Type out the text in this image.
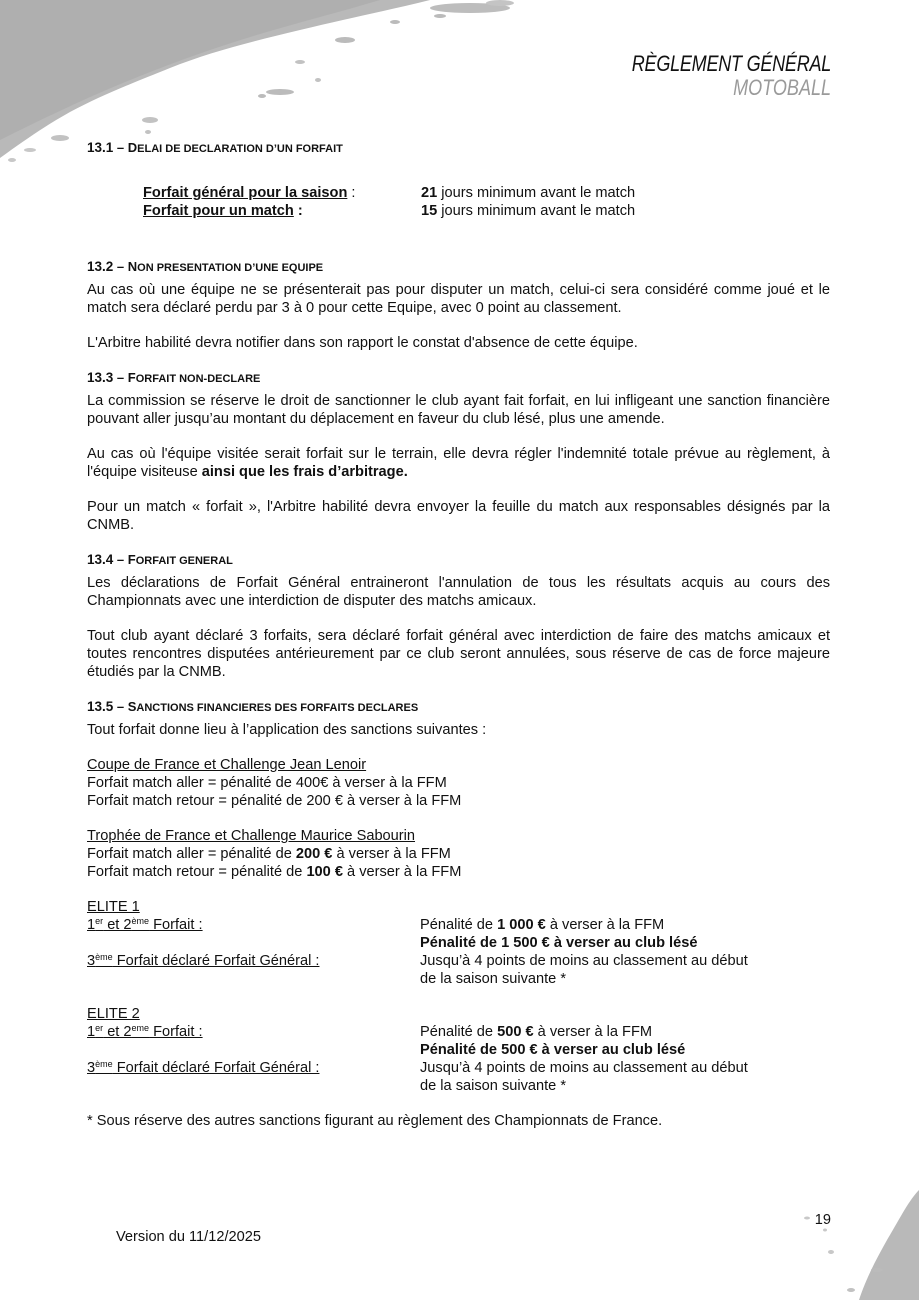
RÈGLEMENT GÉNÉRAL
MOTOBALL
13.1 – DELAI DE DECLARATION D’UN FORFAIT
Forfait général pour la saison :	21 jours minimum avant le match
Forfait pour un match :	15 jours minimum avant le match
13.2 – NON PRESENTATION D’UNE EQUIPE

Au cas où une équipe ne se présenterait pas pour disputer un match, celui-ci sera considéré comme joué et le match sera déclaré perdu par 3 à 0 pour cette Equipe, avec 0 point au classement.

L'Arbitre habilité devra notifier dans son rapport le constat d'absence de cette équipe.

13.3 – FORFAIT NON-DECLARE

La commission se réserve le droit de sanctionner le club ayant fait forfait, en lui infligeant une sanction financière pouvant aller jusqu’au montant du déplacement en faveur du club lésé, plus une amende.

Au cas où l'équipe visitée serait forfait sur le terrain, elle devra régler l'indemnité totale prévue au règlement, à l'équipe visiteuse ainsi que les frais d’arbitrage.

Pour un match « forfait », l'Arbitre habilité devra envoyer la feuille du match aux responsables désignés par la CNMB.

13.4 – FORFAIT GENERAL

Les déclarations de Forfait Général entraineront l'annulation de tous les résultats acquis au cours des Championnats avec une interdiction de disputer des matchs amicaux.

Tout club ayant déclaré 3 forfaits, sera déclaré forfait général avec interdiction de faire des matchs amicaux et toutes rencontres disputées antérieurement par ce club seront annulées, sous réserve de cas de force majeure étudiés par la CNMB.

13.5 – SANCTIONS FINANCIERES DES FORFAITS DECLARES

Tout forfait donne lieu à l’application des sanctions suivantes :

Coupe de France et Challenge Jean Lenoir
Forfait match aller = pénalité de 400€ à verser à la FFM
Forfait match retour = pénalité de 200 € à verser à la FFM
Trophée de France et Challenge Maurice Sabourin
Forfait match aller = pénalité de 200 € à verser à la FFM
Forfait match retour = pénalité de 100 € à verser à la FFM
ELITE 1
1er et 2ème Forfait :	Pénalité de 1 000 € à verser à la FFM
Pénalité de 1 500 € à verser au club lésé
3ème Forfait déclaré Forfait Général :	Jusqu’à 4 points de moins au classement au début
de la saison suivante *
ELITE 2
1er et 2eme Forfait :	Pénalité de 500 € à verser à la FFM
Pénalité de 500 € à verser au club lésé
3ème Forfait déclaré Forfait Général :	Jusqu’à 4 points de moins au classement au début
de la saison suivante *

* Sous réserve des autres sanctions figurant au règlement des Championnats de France.

Version du 11/12/2025
19
